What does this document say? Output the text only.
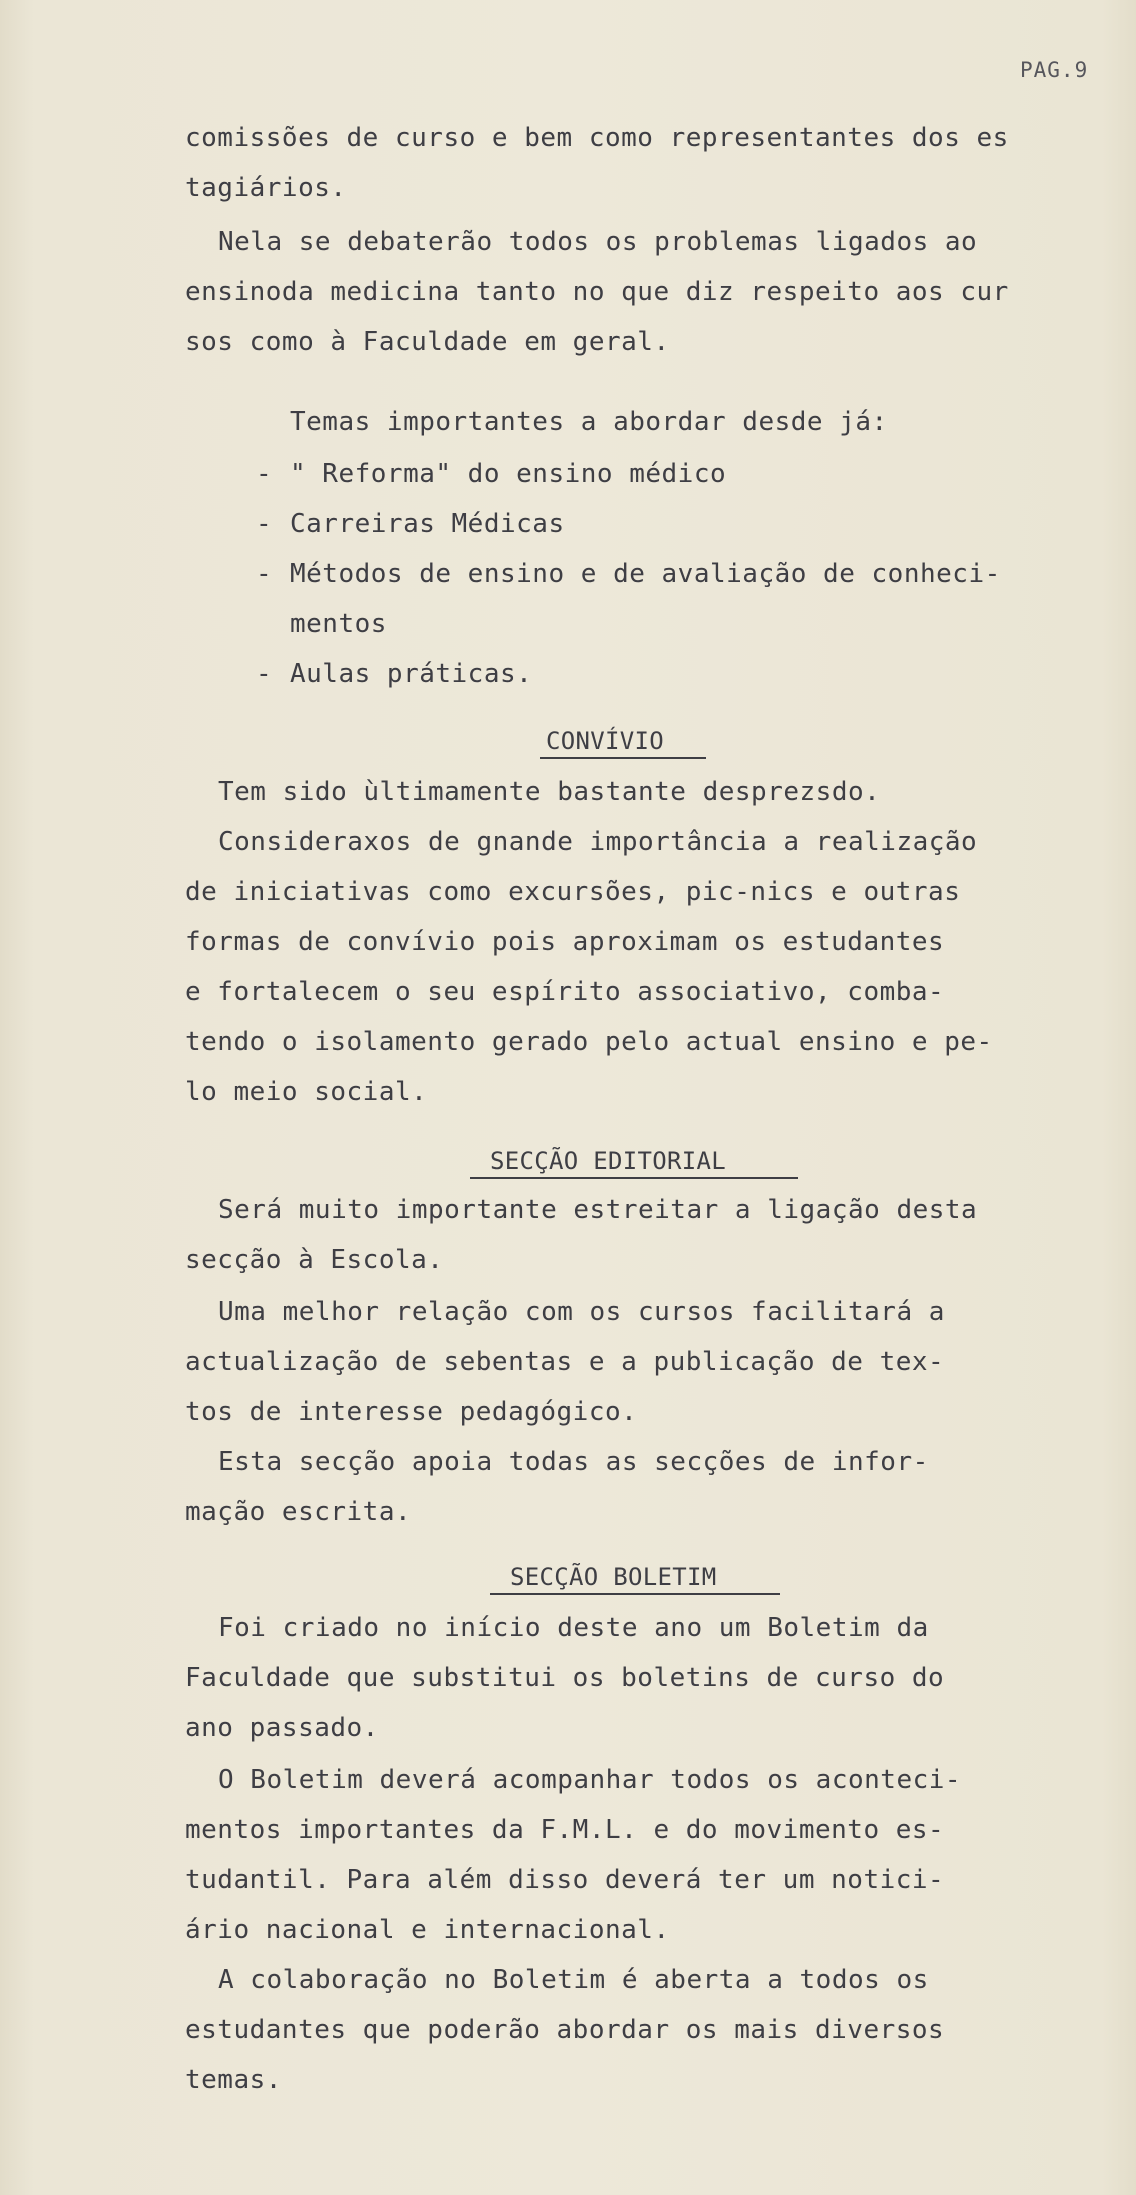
PAG.9
comissões de curso e bem como representantes dos es
tagiários.
Nela se debaterão todos os problemas ligados ao
ensinoda medicina tanto no que diz respeito aos cur
sos como à Faculdade em geral.
Temas importantes a abordar desde já:
- " Reforma" do ensino médico
- Carreiras Médicas
- Métodos de ensino e de avaliação de conheci-
mentos
- Aulas práticas.
CONVÍVIO
Tem sido ùltimamente bastante desprezsdo.
Consideraxos de gnande importância a realização
de iniciativas como excursões, pic-nics e outras
formas de convívio pois aproximam os estudantes
e fortalecem o seu espírito associativo, comba-
tendo o isolamento gerado pelo actual ensino e pe-
lo meio social.
SECÇÃO EDITORIAL
Será muito importante estreitar a ligação desta
secção à Escola.
Uma melhor relação com os cursos facilitará a
actualização de sebentas e a publicação de tex-
tos de interesse pedagógico.
Esta secção apoia todas as secções de infor-
mação escrita.
SECÇÃO BOLETIM
Foi criado no início deste ano um Boletim da
Faculdade que substitui os boletins de curso do
ano passado.
O Boletim deverá acompanhar todos os aconteci-
mentos importantes da F.M.L. e do movimento es-
tudantil. Para além disso deverá ter um notici-
ário nacional e internacional.
A colaboração no Boletim é aberta a todos os
estudantes que poderão abordar os mais diversos
temas.
